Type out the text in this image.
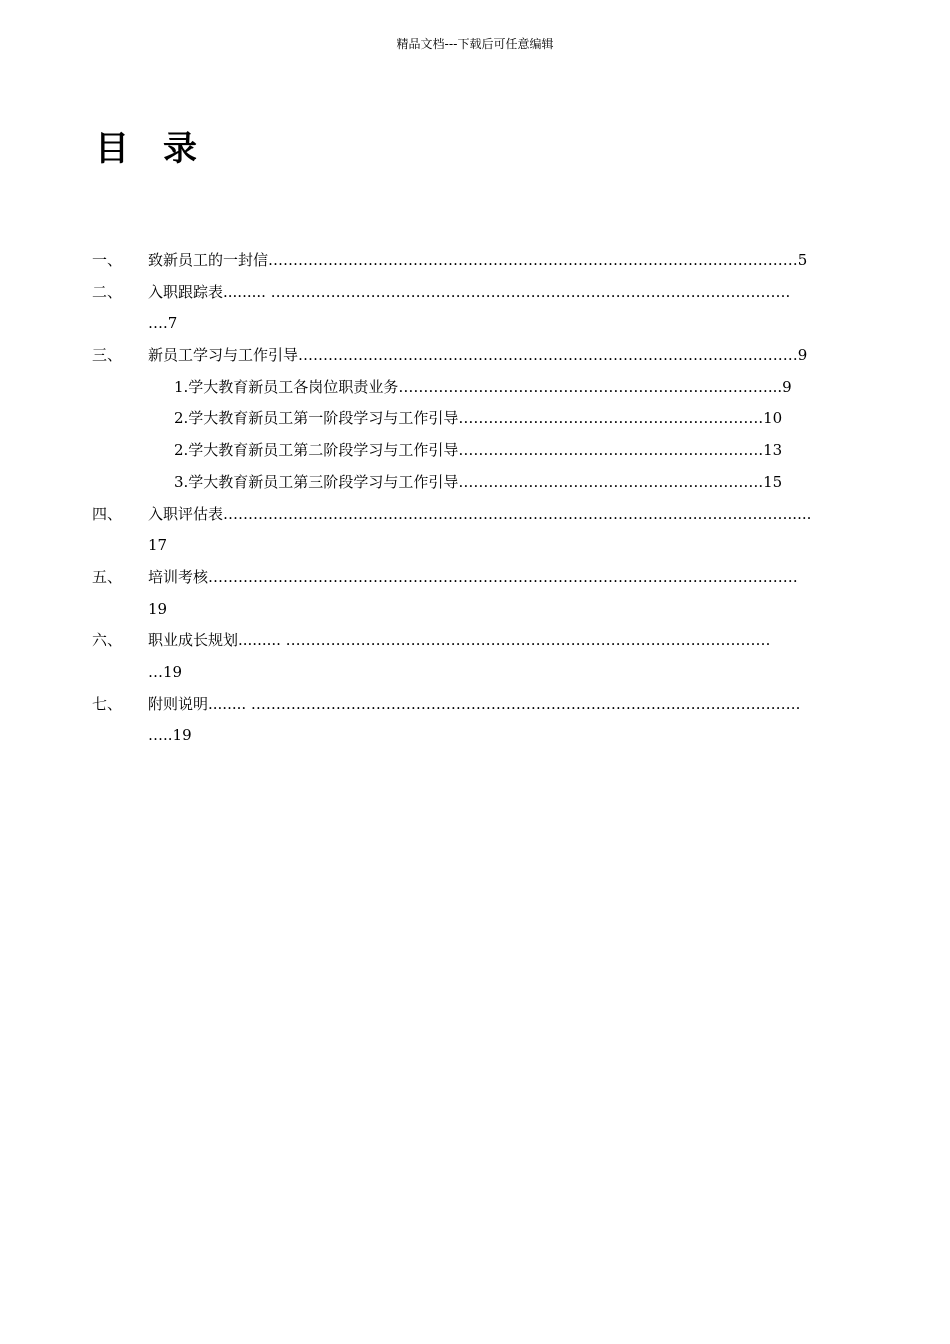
精品文档---下载后可任意编辑
目 录
一、 致新员工的一封信…………………………………………………………………………….………………5
二、 入职跟踪表......... …………………………………………………………………………….…………….
….7
三、 新员工学习与工作引导……………………………………………………………………………….………9
1.学大教育新员工各岗位职责业务………………………………………………………..………...9
2.学大教育新员工第一阶段学习与工作引导…………………………………………………….10
2.学大教育新员工第二阶段学习与工作引导…………………………………………………….13
3.学大教育新员工第三阶段学习与工作引导…………………………………………………….15
四、 入职评估表…………………………………………………………………………….…….……………….....
17
五、 培训考核………………………………………………………………………….……………………………
19
六、 职业成长规划......... ………………………………………………………………………….…………
…19
七、 附则说明........ ………………………………………………………………………….…………………….
…..19
